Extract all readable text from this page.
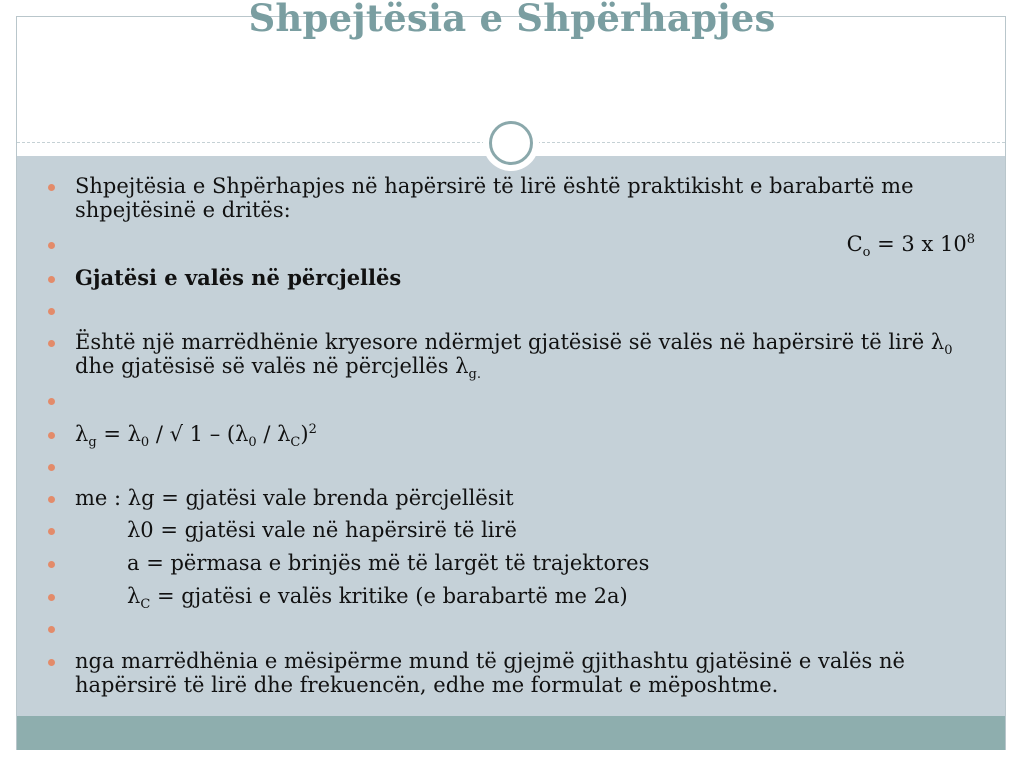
Shpejtësia e Shpërhapjes
Shpejtësia e Shpërhapjes në hapërsirë të lirë është praktikisht e barabartë me shpejtësinë e dritës:
$C_o = 3$ x $10^8$
Gjatësi e valës në përcjellës
Është një marrëdhënie kryesore ndërmjet gjatësisë së valës në hapërsirë të lirë $\lambda_0$ dhe gjatësisë së valës në përcjellës $\lambda_{g.}$
$\lambda_g = \lambda_0$ / √ $1 - (\lambda_0 / \lambda_C)^2$
me : λg = gjatësi vale brenda përcjellësit
λ0 = gjatësi vale në hapërsirë të lirë
a = përmasa e brinjës më të largët të trajektores
$\lambda_C$ = gjatësi e valës kritike (e barabartë me 2a)
nga marrëdhënia e mësipërme mund të gjejmë gjithashtu gjatësinë e valës në hapërsirë të lirë dhe frekuencën, edhe me formulat e mëposhtme.
